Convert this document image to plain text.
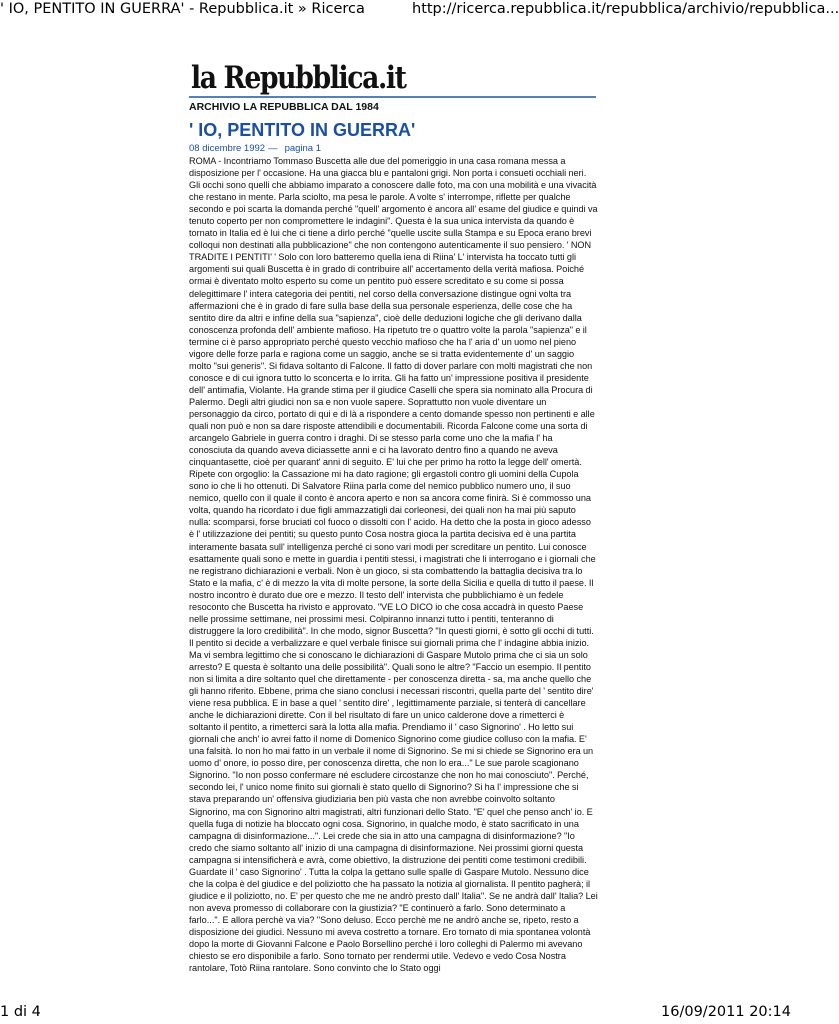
' IO, PENTITO IN GUERRA' - Repubblica.it » Ricerca	http://ricerca.repubblica.it/repubblica/archivio/repubblica...
la Repubblica.it
ARCHIVIO LA REPUBBLICA DAL 1984
' IO, PENTITO IN GUERRA'
08 dicembre 1992 — pagina 1
ROMA - Incontriamo Tommaso Buscetta alle due del pomeriggio in una casa romana messa a disposizione per l' occasione. Ha una giacca blu e pantaloni grigi. Non porta i consueti occhiali neri. Gli occhi sono quelli che abbiamo imparato a conoscere dalle foto, ma con una mobilità e una vivacità che restano in mente. Parla sciolto, ma pesa le parole. A volte s' interrompe, riflette per qualche secondo e poi scarta la domanda perché "quell' argomento è ancora all' esame del giudice e quindi va tenuto coperto per non compromettere le indagini". Questa è la sua unica intervista da quando è tornato in Italia ed è lui che ci tiene a dirlo perché "quelle uscite sulla Stampa e su Epoca erano brevi colloqui non destinati alla pubblicazione" che non contengono autenticamente il suo pensiero. ' NON TRADITE I PENTITI' ' Solo con loro batteremo quella iena di Riina' L' intervista ha toccato tutti gli argomenti sui quali Buscetta è in grado di contribuire all' accertamento della verità mafiosa. Poiché ormai è diventato molto esperto su come un pentito può essere screditato e su come si possa delegittimare l' intera categoria dei pentiti, nel corso della conversazione distingue ogni volta tra affermazioni che è in grado di fare sulla base della sua personale esperienza, delle cose che ha sentito dire da altri e infine della sua "sapienza", cioè delle deduzioni logiche che gli derivano dalla conoscenza profonda dell' ambiente mafioso. Ha ripetuto tre o quattro volte la parola "sapienza" e il termine ci è parso appropriato perché questo vecchio mafioso che ha l' aria d' un uomo nel pieno vigore delle forze parla e ragiona come un saggio, anche se si tratta evidentemente d' un saggio molto "sui generis". Si fidava soltanto di Falcone. Il fatto di dover parlare con molti magistrati che non conosce e di cui ignora tutto lo sconcerta e lo irrita. Gli ha fatto un' impressione positiva il presidente dell' antimafia, Violante. Ha grande stima per il giudice Caselli che spera sia nominato alla Procura di Palermo. Degli altri giudici non sa e non vuole sapere. Soprattutto non vuole diventare un personaggio da circo, portato di qui e di là a rispondere a cento domande spesso non pertinenti e alle quali non può e non sa dare risposte attendibili e documentabili. Ricorda Falcone come una sorta di arcangelo Gabriele in guerra contro i draghi. Di se stesso parla come uno che la mafia l' ha conosciuta da quando aveva diciassette anni e ci ha lavorato dentro fino a quando ne aveva cinquantasette, cioè per quarant' anni di seguito. E' lui che per primo ha rotto la legge dell' omertà. Ripete con orgoglio: la Cassazione mi ha dato ragione; gli ergastoli contro gli uomini della Cupola sono io che li ho ottenuti. Di Salvatore Riina parla come del nemico pubblico numero uno, il suo nemico, quello con il quale il conto è ancora aperto e non sa ancora come finirà. Si è commosso una volta, quando ha ricordato i due figli ammazzatigli dai corleonesi, dei quali non ha mai più saputo nulla: scomparsi, forse bruciati col fuoco o dissolti con l' acido. Ha detto che la posta in gioco adesso è l' utilizzazione dei pentiti; su questo punto Cosa nostra gioca la partita decisiva ed è una partita interamente basata sull' intelligenza perché ci sono vari modi per screditare un pentito. Lui conosce esattamente quali sono e mette in guardia i pentiti stessi, i magistrati che li interrogano e i giornali che ne registrano dichiarazioni e verbali. Non è un gioco, si sta combattendo la battaglia decisiva tra lo Stato e la mafia, c' è di mezzo la vita di molte persone, la sorte della Sicilia e quella di tutto il paese. Il nostro incontro è durato due ore e mezzo. Il testo dell' intervista che pubblichiamo è un fedele resoconto che Buscetta ha rivisto e approvato. "VE LO DICO io che cosa accadrà in questo Paese nelle prossime settimane, nei prossimi mesi. Colpiranno innanzi tutto i pentiti, tenteranno di distruggere la loro credibilità". In che modo, signor Buscetta? "In questi giorni, è sotto gli occhi di tutti. Il pentito si decide a verbalizzare e quel verbale finisce sui giornali prima che l' indagine abbia inizio. Ma vi sembra legittimo che si conoscano le dichiarazioni di Gaspare Mutolo prima che ci sia un solo arresto? E questa è soltanto una delle possibilità". Quali sono le altre? "Faccio un esempio. Il pentito non si limita a dire soltanto quel che direttamente - per conoscenza diretta - sa, ma anche quello che gli hanno riferito. Ebbene, prima che siano conclusi i necessari riscontri, quella parte del ' sentito dire' viene resa pubblica. E in base a quel ' sentito dire' , legittimamente parziale, si tenterà di cancellare anche le dichiarazioni dirette. Con il bel risultato di fare un unico calderone dove a rimetterci è soltanto il pentito, a rimetterci sarà la lotta alla mafia. Prendiamo il ' caso Signorino' . Ho letto sui giornali che anch' io avrei fatto il nome di Domenico Signorino come giudice colluso con la mafia. E' una falsità. Io non ho mai fatto in un verbale il nome di Signorino. Se mi si chiede se Signorino era un uomo d' onore, io posso dire, per conoscenza diretta, che non lo era..." Le sue parole scagionano Signorino. "Io non posso confermare né escludere circostanze che non ho mai conosciuto". Perché, secondo lei, l' unico nome finito sui giornali è stato quello di Signorino? Si ha l' impressione che si stava preparando un' offensiva giudiziaria ben più vasta che non avrebbe coinvolto soltanto Signorino, ma con Signorino altri magistrati, altri funzionari dello Stato. "E' quel che penso anch' io. E quella fuga di notizie ha bloccato ogni cosa. Signorino, in qualche modo, è stato sacrificato in una campagna di disinformazione...". Lei crede che sia in atto una campagna di disinformazione? "Io credo che siamo soltanto all' inizio di una campagna di disinformazione. Nei prossimi giorni questa campagna si intensificherà e avrà, come obiettivo, la distruzione dei pentiti come testimoni credibili. Guardate il ' caso Signorino' . Tutta la colpa la gettano sulle spalle di Gaspare Mutolo. Nessuno dice che la colpa è del giudice e del poliziotto che ha passato la notizia al giornalista. Il pentito pagherà; il giudice e il poliziotto, no. E' per questo che me ne andrò presto dall' Italia". Se ne andrà dall' Italia? Lei non aveva promesso di collaborare con la giustizia? "E continuerò a farlo. Sono determinato a farlo...". E allora perchè va via? "Sono deluso. Ecco perchè me ne andrò anche se, ripeto, resto a disposizione dei giudici. Nessuno mi aveva costretto a tornare. Ero tornato di mia spontanea volontà dopo la morte di Giovanni Falcone e Paolo Borsellino perché i loro colleghi di Palermo mi avevano chiesto se ero disponibile a farlo. Sono tornato per rendermi utile. Vedevo e vedo Cosa Nostra rantolare, Totò Riina rantolare. Sono convinto che lo Stato oggi
1 di 4	16/09/2011 20:14
